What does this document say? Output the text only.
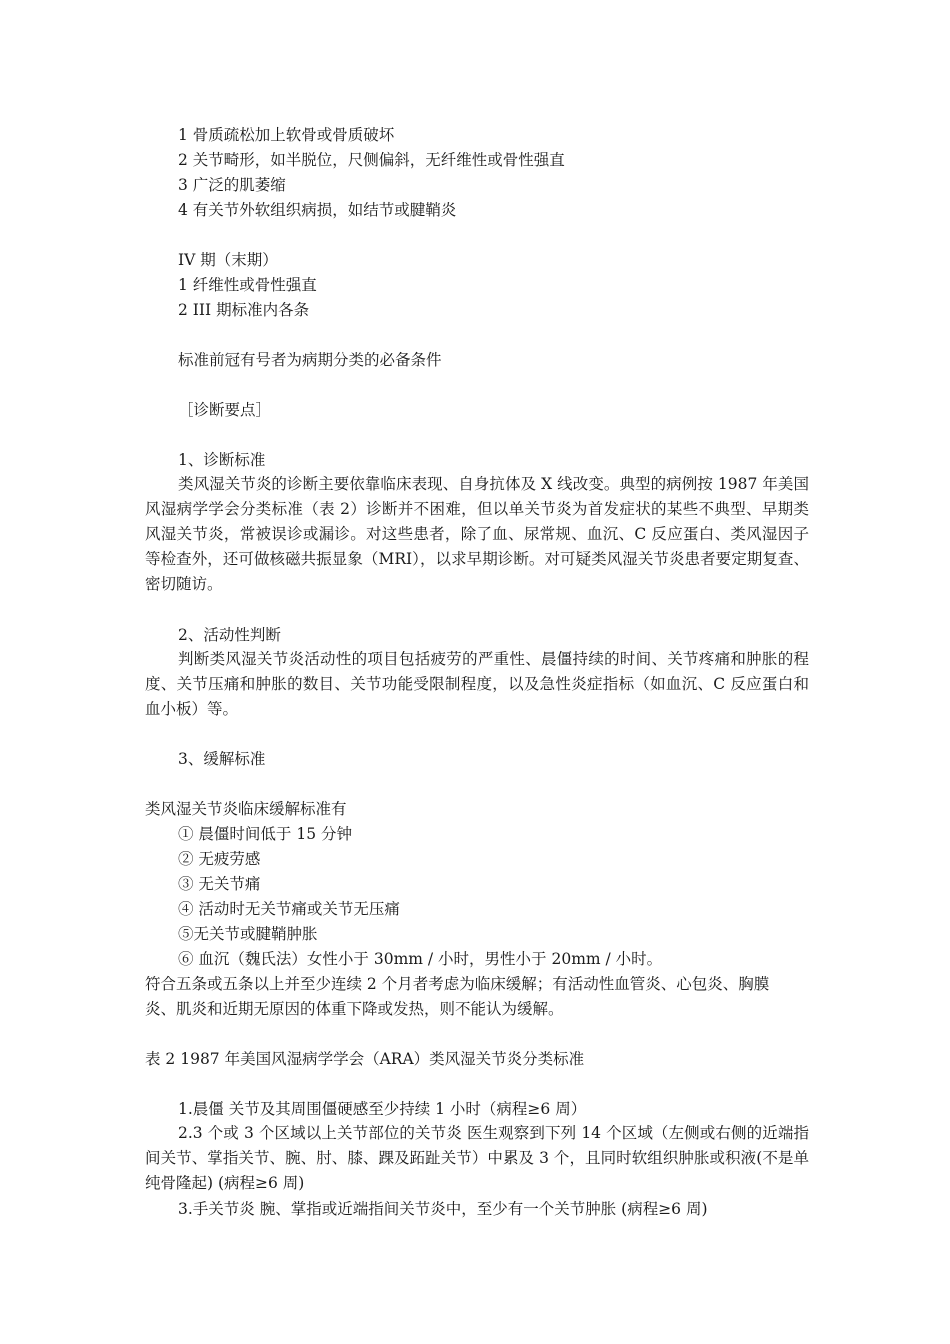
1 骨质疏松加上软骨或骨质破坏
2 关节畸形，如半脱位，尺侧偏斜，无纤维性或骨性强直
3 广泛的肌萎缩
4 有关节外软组织病损，如结节或腱鞘炎
IV 期（末期）
1 纤维性或骨性强直
2 III 期标准内各条
标准前冠有号者为病期分类的必备条件
［诊断要点］
1、诊断标准
类风湿关节炎的诊断主要依靠临床表现、自身抗体及 X 线改变。典型的病例按 1987 年美国风湿病学学会分类标准（表 2）诊断并不困难，但以单关节炎为首发症状的某些不典型、早期类风湿关节炎，常被误诊或漏诊。对这些患者，除了血、尿常规、血沉、C 反应蛋白、类风湿因子等检查外，还可做核磁共振显象（MRI），以求早期诊断。对可疑类风湿关节炎患者要定期复查、密切随访。
2、活动性判断
判断类风湿关节炎活动性的项目包括疲劳的严重性、晨僵持续的时间、关节疼痛和肿胀的程度、关节压痛和肿胀的数目、关节功能受限制程度，以及急性炎症指标（如血沉、C 反应蛋白和血小板）等。
3、缓解标准
类风湿关节炎临床缓解标准有
① 晨僵时间低于 15 分钟
② 无疲劳感
③ 无关节痛
④ 活动时无关节痛或关节无压痛
⑤无关节或腱鞘肿胀
⑥ 血沉（魏氏法）女性小于 30mm / 小时，男性小于 20mm / 小时。
符合五条或五条以上并至少连续 2 个月者考虑为临床缓解；有活动性血管炎、心包炎、胸膜
炎、肌炎和近期无原因的体重下降或发热，则不能认为缓解。
表 2 1987 年美国风湿病学学会（ARA）类风湿关节炎分类标准
1.晨僵 关节及其周围僵硬感至少持续 1 小时（病程≥6 周）
2.3 个或 3 个区域以上关节部位的关节炎 医生观察到下列 14 个区域（左侧或右侧的近端指间关节、掌指关节、腕、肘、膝、踝及跖趾关节）中累及 3 个，且同时软组织肿胀或积液(不是单纯骨隆起) (病程≥6 周)
3.手关节炎 腕、掌指或近端指间关节炎中，至少有一个关节肿胀 (病程≥6 周)
